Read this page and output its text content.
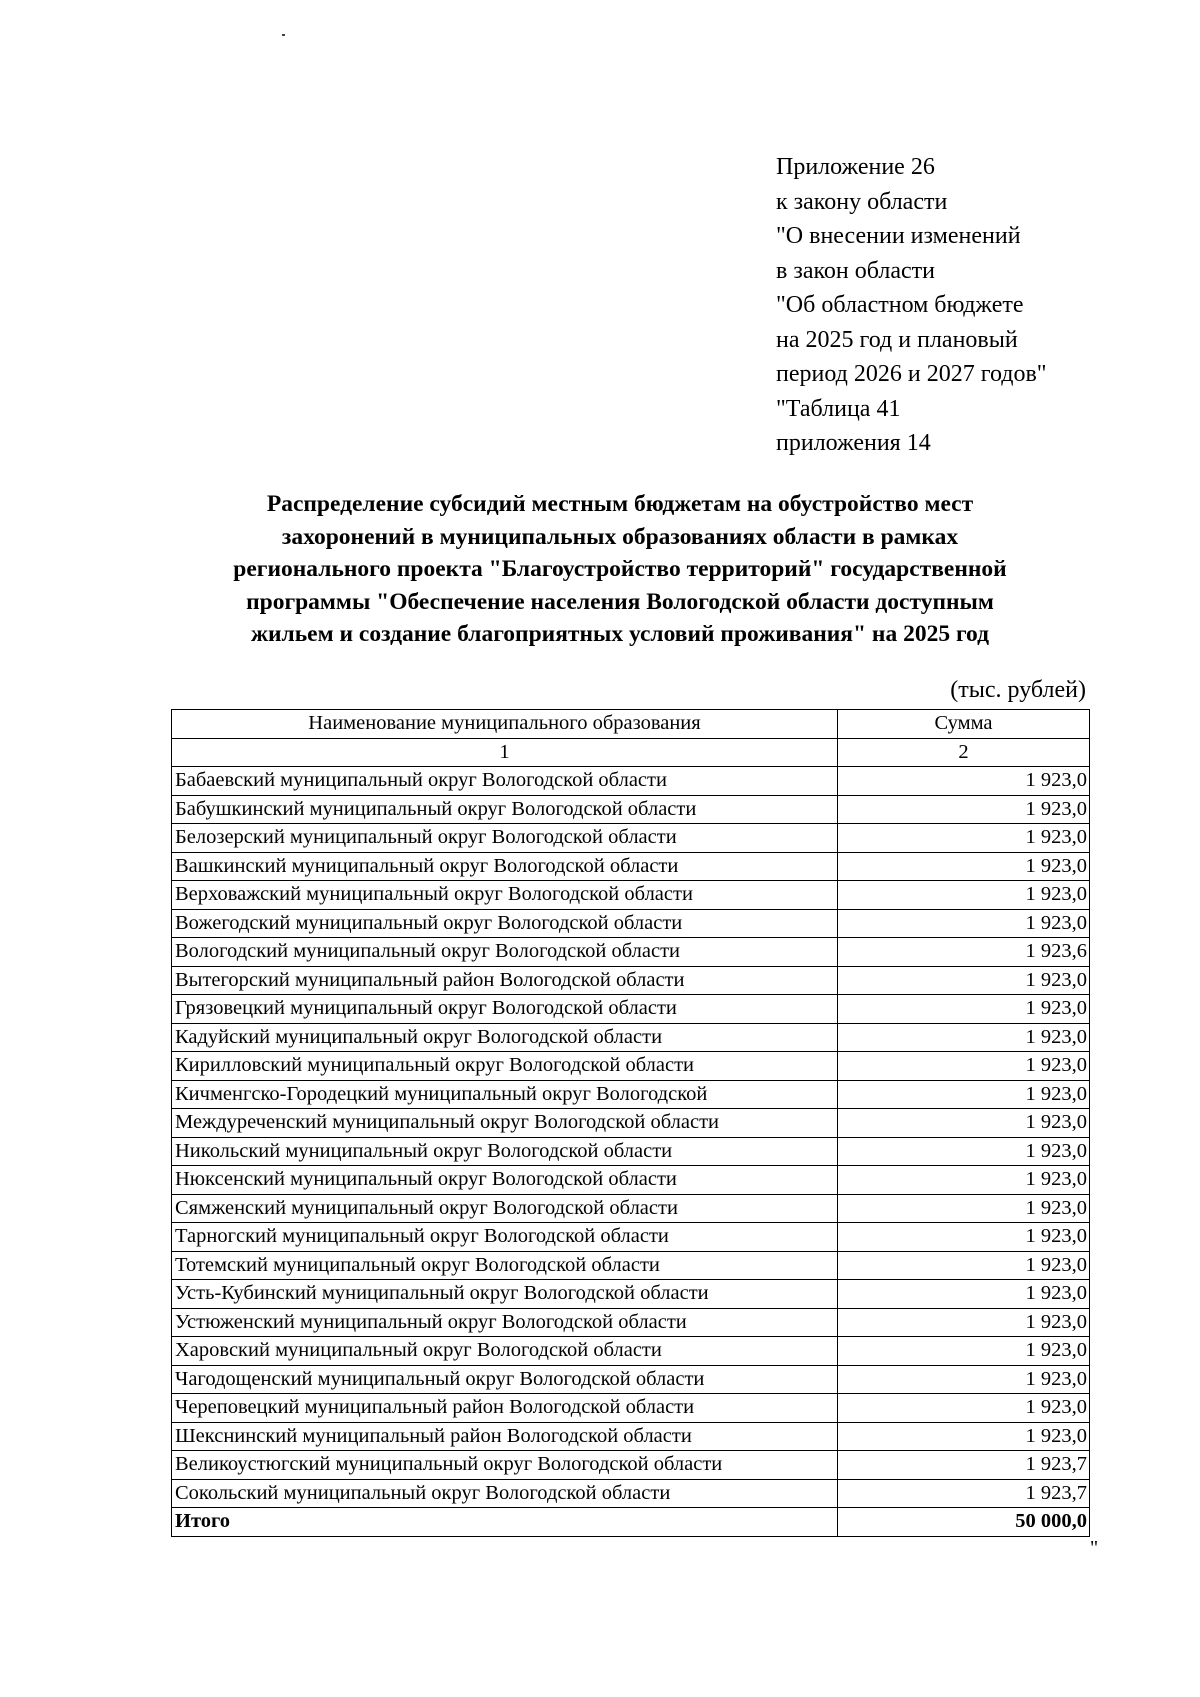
Приложение 26

к закону области

"О внесении изменений

в закон области

"Об областном бюджете

на 2025 год и плановый

период 2026 и 2027 годов"

"Таблица 41

приложения 14

Распределение субсидий местным бюджетам на обустройство мест
захоронений в муниципальных образованиях области в рамках
регионального проекта "Благоустройство территорий" государственной
программы "Обеспечение населения Вологодской области доступным
жильем и создание благоприятных условий проживания" на 2025 год
(тыс. рублей)
Наименование муниципального образования	Сумма
1	2
Бабаевский муниципальный округ Вологодской области	1 923,0
Бабушкинский муниципальный округ Вологодской области	1 923,0
Белозерский муниципальный округ Вологодской области	1 923,0
Вашкинский муниципальный округ Вологодской области	1 923,0
Верховажский муниципальный округ Вологодской области	1 923,0
Вожегодский муниципальный округ Вологодской области	1 923,0
Вологодский муниципальный округ Вологодской области	1 923,6
Вытегорский муниципальный район Вологодской области	1 923,0
Грязовецкий муниципальный округ Вологодской области	1 923,0
Кадуйский муниципальный округ Вологодской области	1 923,0
Кирилловский муниципальный округ Вологодской области	1 923,0
Кичменгско-Городецкий муниципальный округ Вологодской	1 923,0
Междуреченский муниципальный округ Вологодской области	1 923,0
Никольский муниципальный округ Вологодской области	1 923,0
Нюксенский муниципальный округ Вологодской области	1 923,0
Сямженский муниципальный округ Вологодской области	1 923,0
Тарногский муниципальный округ Вологодской области	1 923,0
Тотемский муниципальный округ Вологодской области	1 923,0
Усть-Кубинский муниципальный округ Вологодской области	1 923,0
Устюженский муниципальный округ Вологодской области	1 923,0
Харовский муниципальный округ Вологодской области	1 923,0
Чагодощенский муниципальный округ Вологодской области	1 923,0
Череповецкий муниципальный район Вологодской области	1 923,0
Шекснинский муниципальный район Вологодской области	1 923,0
Великоустюгский муниципальный округ Вологодской области	1 923,7
Сокольский муниципальный округ Вологодской области	1 923,7
Итого	50 000,0
"
